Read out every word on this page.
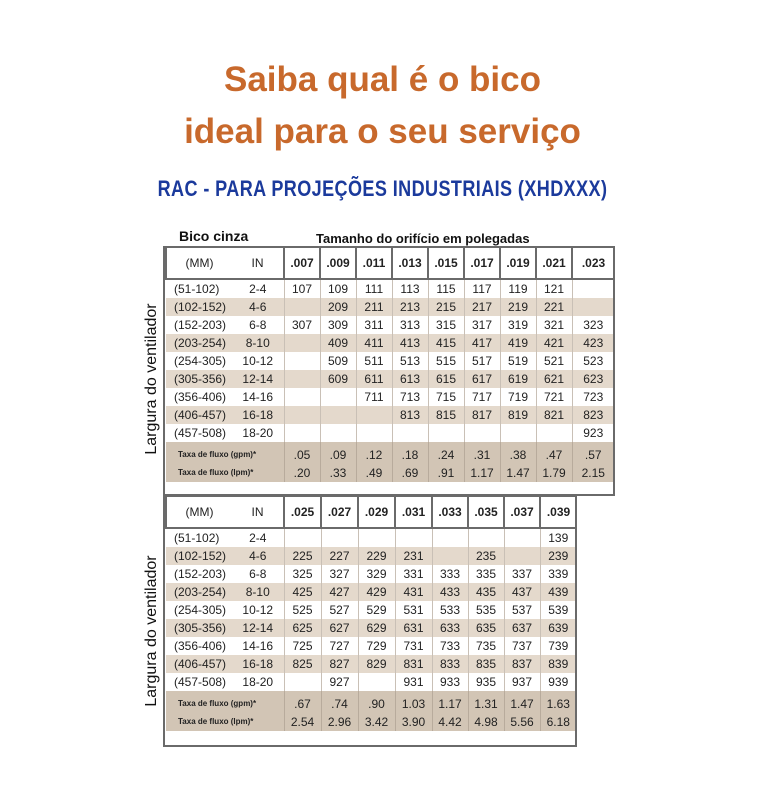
Saiba qual é o bico
ideal para o seu serviço
RAC - PARA PROJEÇÕES INDUSTRIAIS (XHDXXX)
Bico cinza	Tamanho do orifício em polegadas
Largura do ventilador
Largura do ventilador
(MM)	IN	.007	.009	.011	.013	.015	.017	.019	.021	.023
(51-102)	2-4	107	109	111	113	115	117	119	121	
(102-152)	4-6		209	211	213	215	217	219	221	
(152-203)	6-8	307	309	311	313	315	317	319	321	323
(203-254)	8-10		409	411	413	415	417	419	421	423
(254-305)	10-12		509	511	513	515	517	519	521	523
(305-356)	12-14		609	611	613	615	617	619	621	623
(356-406)	14-16			711	713	715	717	719	721	723
(406-457)	16-18				813	815	817	819	821	823
(457-508)	18-20									923
Taxa de fluxo (gpm)*		.05	.09	.12	.18	.24	.31	.38	.47	.57
Taxa de fluxo (lpm)*		.20	.33	.49	.69	.91	1.17	1.47	1.79	2.15
(MM)	IN	.025	.027	.029	.031	.033	.035	.037	.039
(51-102)	2-4								139
(102-152)	4-6	225	227	229	231		235		239
(152-203)	6-8	325	327	329	331	333	335	337	339
(203-254)	8-10	425	427	429	431	433	435	437	439
(254-305)	10-12	525	527	529	531	533	535	537	539
(305-356)	12-14	625	627	629	631	633	635	637	639
(356-406)	14-16	725	727	729	731	733	735	737	739
(406-457)	16-18	825	827	829	831	833	835	837	839
(457-508)	18-20		927		931	933	935	937	939
Taxa de fluxo (gpm)*		.67	.74	.90	1.03	1.17	1.31	1.47	1.63
Taxa de fluxo (lpm)*		2.54	2.96	3.42	3.90	4.42	4.98	5.56	6.18
